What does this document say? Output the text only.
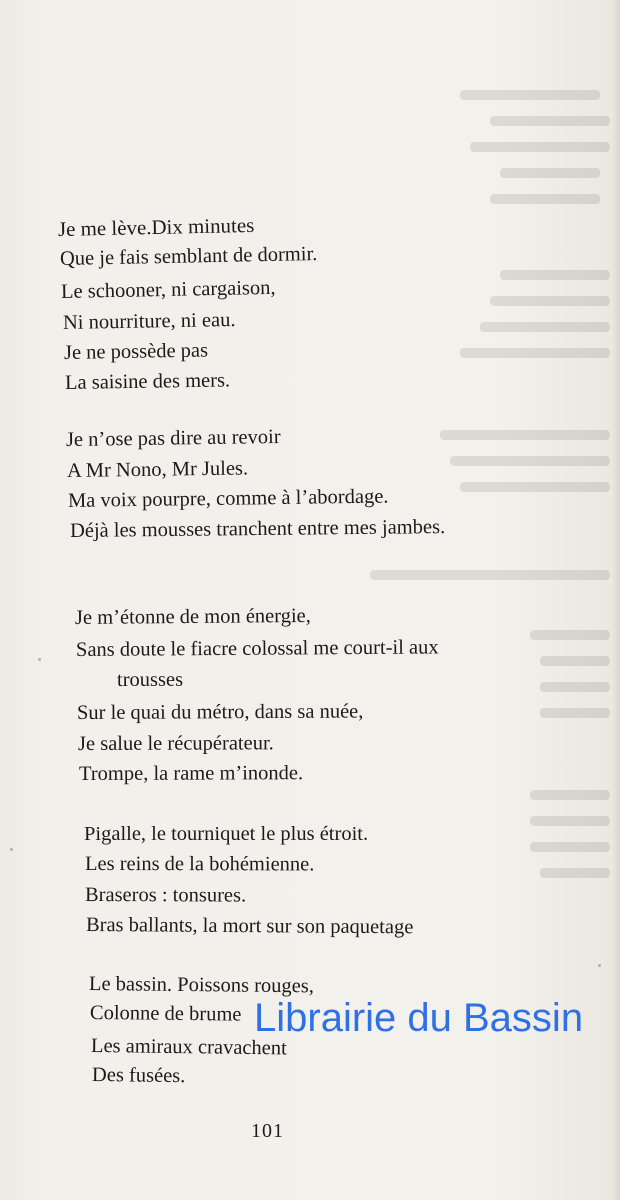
Je me lève.Dix minutes
Que je fais semblant de dormir.
Le schooner, ni cargaison,
Ni nourriture, ni eau.
Je ne possède pas
La saisine des mers.
Je n’ose pas dire au revoir
A Mr Nono, Mr Jules.
Ma voix pourpre, comme à l’abordage.
Déjà les mousses tranchent entre mes jambes.
Je m’étonne de mon énergie,
Sans doute le fiacre colossal me court-il aux
trousses
Sur le quai du métro, dans sa nuée,
Je salue le récupérateur.
Trompe, la rame m’inonde.
Pigalle, le tourniquet le plus étroit.
Les reins de la bohémienne.
Braseros : tonsures.
Bras ballants, la mort sur son paquetage
Le bassin. Poissons rouges,
Colonne de brume
Les amiraux cravachent
Des fusées.
101
Librairie du Bassin
